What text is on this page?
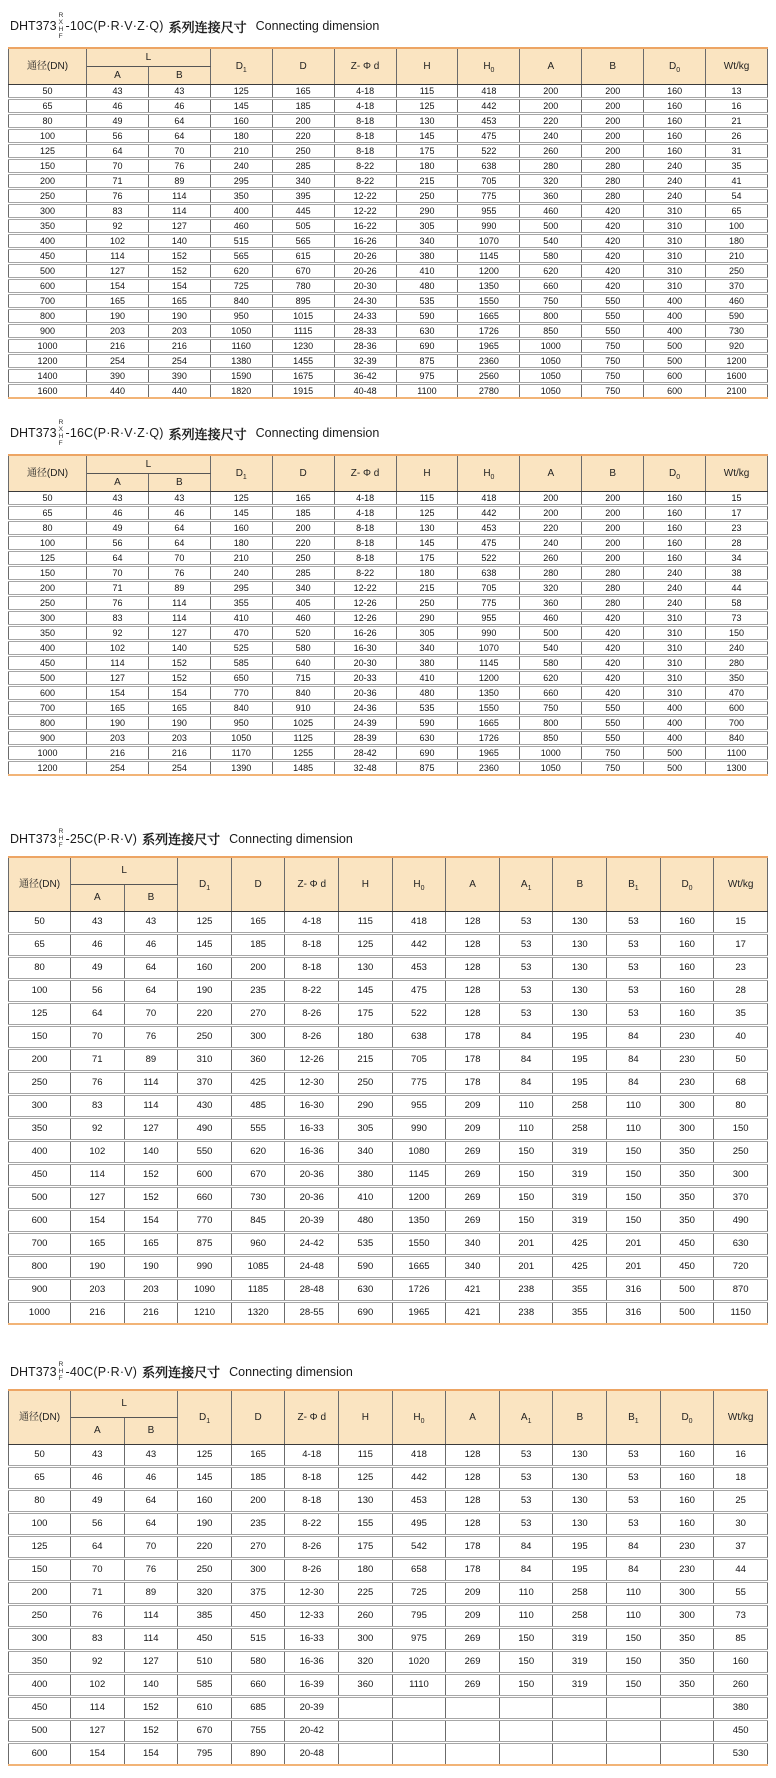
DHT373
R
X
H
F
-10C(P·R·V·Z·Q) 系列连接尺寸 Connecting dimension
通径(DN)	L		$D_1$	D	Z- Φ d	H	$H_0$	A	B	$D_0$	Wt/kg
	A	B									
50	43	43	125	165	4-18	115	418	200	200	160	13
65	46	46	145	185	4-18	125	442	200	200	160	16
80	49	64	160	200	8-18	130	453	220	200	160	21
100	56	64	180	220	8-18	145	475	240	200	160	26
125	64	70	210	250	8-18	175	522	260	200	160	31
150	70	76	240	285	8-22	180	638	280	280	240	35
200	71	89	295	340	8-22	215	705	320	280	240	41
250	76	114	350	395	12-22	250	775	360	280	240	54
300	83	114	400	445	12-22	290	955	460	420	310	65
350	92	127	460	505	16-22	305	990	500	420	310	100
400	102	140	515	565	16-26	340	1070	540	420	310	180
450	114	152	565	615	20-26	380	1145	580	420	310	210
500	127	152	620	670	20-26	410	1200	620	420	310	250
600	154	154	725	780	20-30	480	1350	660	420	310	370
700	165	165	840	895	24-30	535	1550	750	550	400	460
800	190	190	950	1015	24-33	590	1665	800	550	400	590
900	203	203	1050	1115	28-33	630	1726	850	550	400	730
1000	216	216	1160	1230	28-36	690	1965	1000	750	500	920
1200	254	254	1380	1455	32-39	875	2360	1050	750	500	1200
1400	390	390	1590	1675	36-42	975	2560	1050	750	600	1600
1600	440	440	1820	1915	40-48	1100	2780	1050	750	600	2100
DHT373
R
X
H
F
-16C(P·R·V·Z·Q) 系列连接尺寸 Connecting dimension
通径(DN)	L		$D_1$	D	Z- Φ d	H	$H_0$	A	B	$D_0$	Wt/kg
	A	B									
50	43	43	125	165	4-18	115	418	200	200	160	15
65	46	46	145	185	4-18	125	442	200	200	160	17
80	49	64	160	200	8-18	130	453	220	200	160	23
100	56	64	180	220	8-18	145	475	240	200	160	28
125	64	70	210	250	8-18	175	522	260	200	160	34
150	70	76	240	285	8-22	180	638	280	280	240	38
200	71	89	295	340	12-22	215	705	320	280	240	44
250	76	114	355	405	12-26	250	775	360	280	240	58
300	83	114	410	460	12-26	290	955	460	420	310	73
350	92	127	470	520	16-26	305	990	500	420	310	150
400	102	140	525	580	16-30	340	1070	540	420	310	240
450	114	152	585	640	20-30	380	1145	580	420	310	280
500	127	152	650	715	20-33	410	1200	620	420	310	350
600	154	154	770	840	20-36	480	1350	660	420	310	470
700	165	165	840	910	24-36	535	1550	750	550	400	600
800	190	190	950	1025	24-39	590	1665	800	550	400	700
900	203	203	1050	1125	28-39	630	1726	850	550	400	840
1000	216	216	1170	1255	28-42	690	1965	1000	750	500	1100
1200	254	254	1390	1485	32-48	875	2360	1050	750	500	1300
DHT373 R
H
F -25C(P·R·V) 系列连接尺寸 Connecting dimension
通径(DN)	L		$D_1$	D	Z- Φ d	H	$H_0$	A	$A_1$	B	$B_1$	$D_0$	Wt/kg
	A	B											
50	43	43	125	165	4-18	115	418	128	53	130	53	160	15
65	46	46	145	185	8-18	125	442	128	53	130	53	160	17
80	49	64	160	200	8-18	130	453	128	53	130	53	160	23
100	56	64	190	235	8-22	145	475	128	53	130	53	160	28
125	64	70	220	270	8-26	175	522	128	53	130	53	160	35
150	70	76	250	300	8-26	180	638	178	84	195	84	230	40
200	71	89	310	360	12-26	215	705	178	84	195	84	230	50
250	76	114	370	425	12-30	250	775	178	84	195	84	230	68
300	83	114	430	485	16-30	290	955	209	110	258	110	300	80
350	92	127	490	555	16-33	305	990	209	110	258	110	300	150
400	102	140	550	620	16-36	340	1080	269	150	319	150	350	250
450	114	152	600	670	20-36	380	1145	269	150	319	150	350	300
500	127	152	660	730	20-36	410	1200	269	150	319	150	350	370
600	154	154	770	845	20-39	480	1350	269	150	319	150	350	490
700	165	165	875	960	24-42	535	1550	340	201	425	201	450	630
800	190	190	990	1085	24-48	590	1665	340	201	425	201	450	720
900	203	203	1090	1185	28-48	630	1726	421	238	355	316	500	870
1000	216	216	1210	1320	28-55	690	1965	421	238	355	316	500	1150
DHT373 R
H
F -40C(P·R·V) 系列连接尺寸 Connecting dimension
通径(DN)	L		$D_1$	D	Z- Φ d	H	$H_0$	A	$A_1$	B	$B_1$	$D_0$	Wt/kg
	A	B											
50	43	43	125	165	4-18	115	418	128	53	130	53	160	16
65	46	46	145	185	8-18	125	442	128	53	130	53	160	18
80	49	64	160	200	8-18	130	453	128	53	130	53	160	25
100	56	64	190	235	8-22	155	495	128	53	130	53	160	30
125	64	70	220	270	8-26	175	542	178	84	195	84	230	37
150	70	76	250	300	8-26	180	658	178	84	195	84	230	44
200	71	89	320	375	12-30	225	725	209	110	258	110	300	55
250	76	114	385	450	12-33	260	795	209	110	258	110	300	73
300	83	114	450	515	16-33	300	975	269	150	319	150	350	85
350	92	127	510	580	16-36	320	1020	269	150	319	150	350	160
400	102	140	585	660	16-39	360	1110	269	150	319	150	350	260
450	114	152	610	685	20-39								380
500	127	152	670	755	20-42								450
600	154	154	795	890	20-48								530
